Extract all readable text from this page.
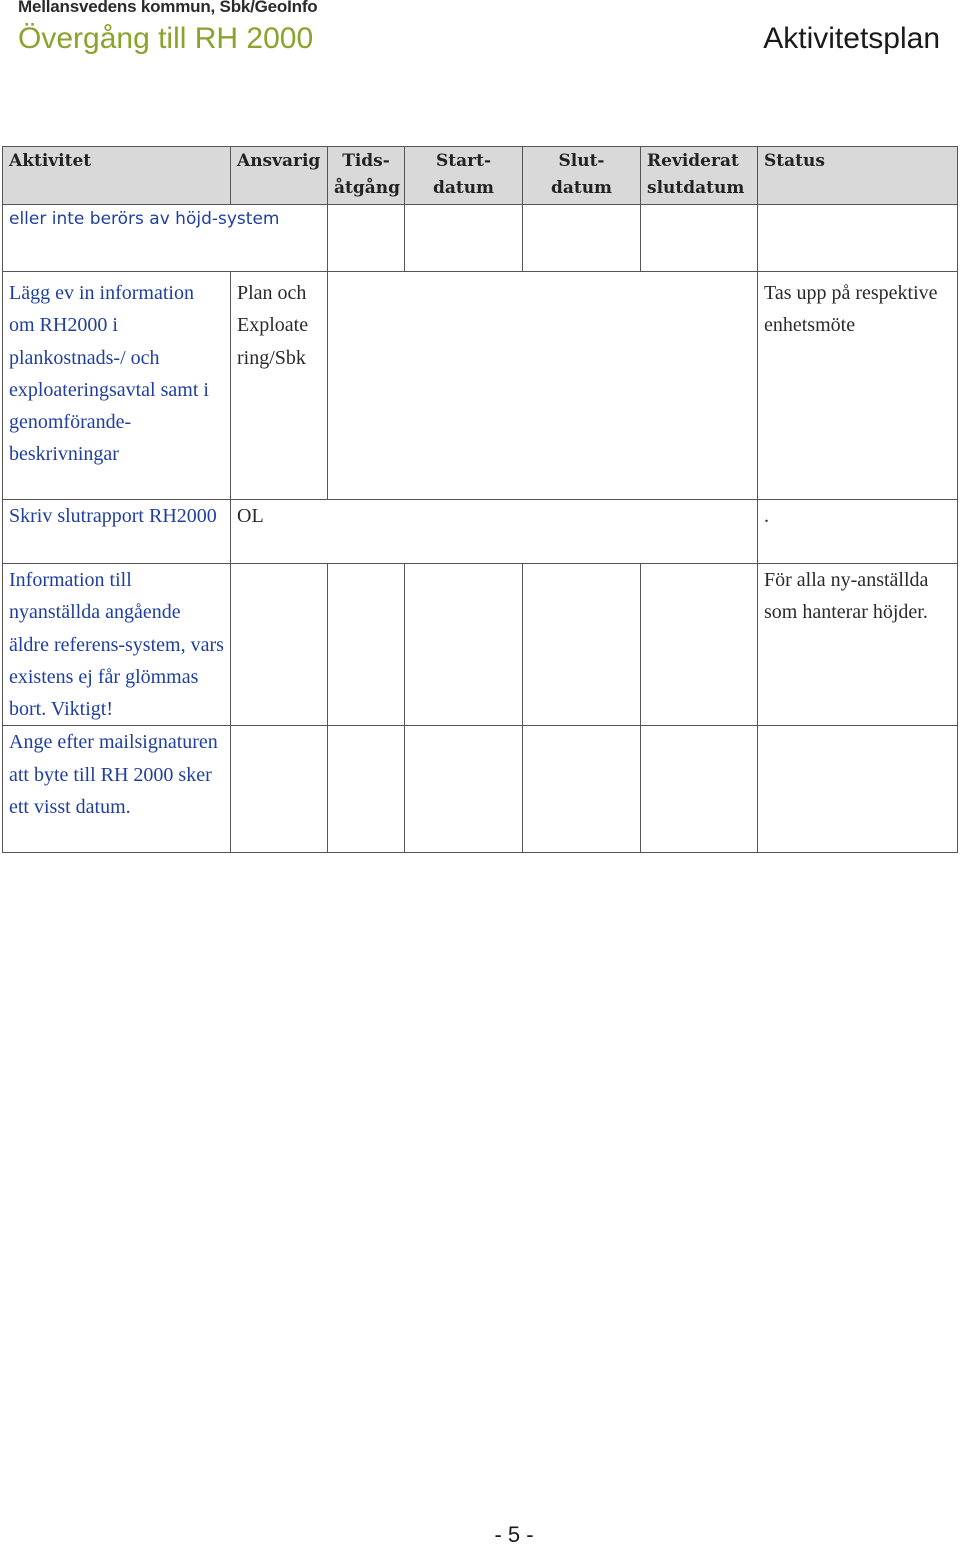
Mellansvedens kommun, Sbk/GeoInfo
Övergång till RH 2000	Aktivitetsplan
Aktivitet	Ansvarig	Tids-åtgång	Start-datum	Slut-datum	Reviderat slutdatum	Status
eller inte berörs av höjd-system						
Lägg ev in information om RH2000 i plankostnads-/ och exploateringsavtal samt i genomförande-beskrivningar	Plan och Exploate ring/Sbk					Tas upp på respektive enhetsmöte
Skriv slutrapport RH2000	OL					.
Information till nyanställda angående äldre referens-system, vars existens ej får glömmas bort. Viktigt!						För alla ny-anställda som hanterar höjder.
Ange efter mailsignaturen att byte till RH 2000 sker ett visst datum.						
- 5 -
